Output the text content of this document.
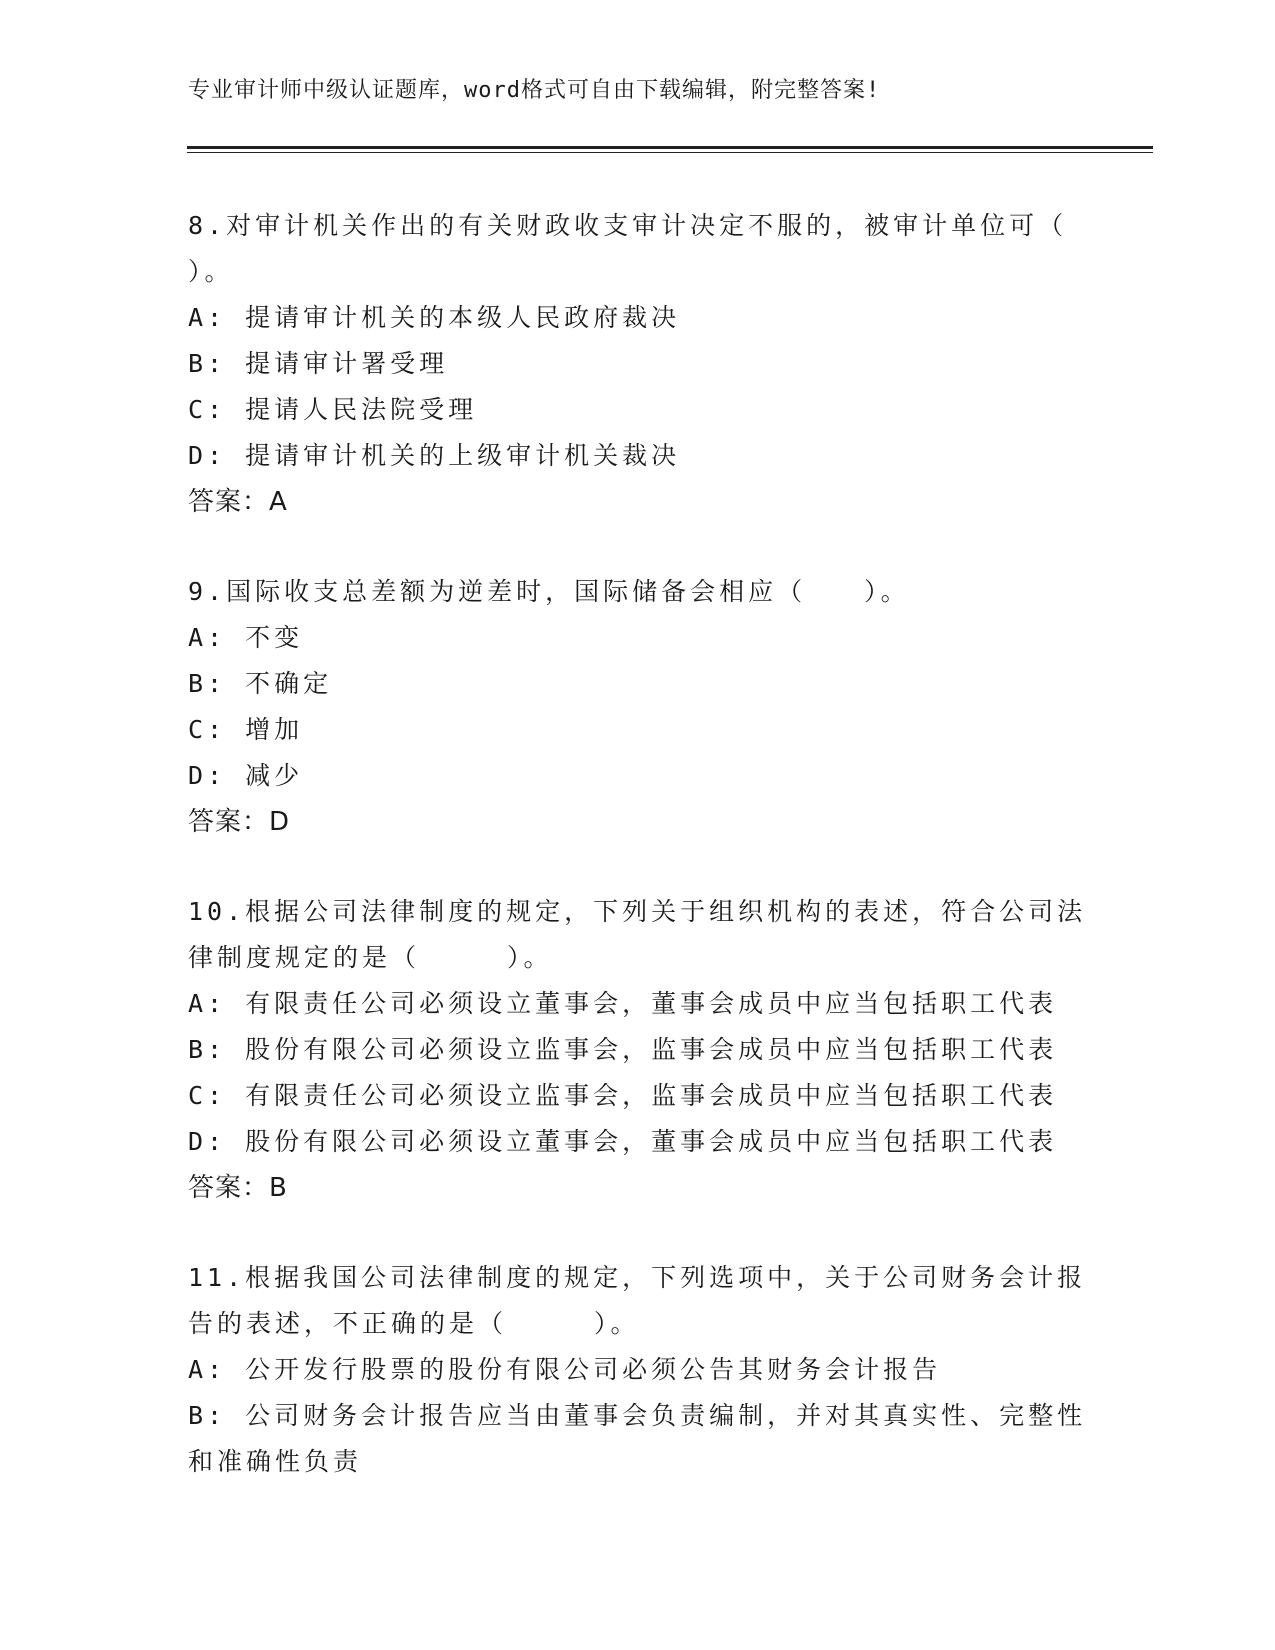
专业审计师中级认证题库，word格式可自由下载编辑，附完整答案!

8.对审计机关作出的有关财政收支审计决定不服的，被审计单位可（ ）。

A: 提请审计机关的本级人民政府裁决

B: 提请审计署受理

C: 提请人民法院受理

D: 提请审计机关的上级审计机关裁决

答案：A

9.国际收支总差额为逆差时，国际储备会相应（　　）。

A: 不变

B: 不确定

C: 增加

D: 减少

答案：D

10.根据公司法律制度的规定，下列关于组织机构的表述，符合公司法律制度规定的是（　　　）。

A: 有限责任公司必须设立董事会，董事会成员中应当包括职工代表

B: 股份有限公司必须设立监事会，监事会成员中应当包括职工代表

C: 有限责任公司必须设立监事会，监事会成员中应当包括职工代表

D: 股份有限公司必须设立董事会，董事会成员中应当包括职工代表

答案：B

11.根据我国公司法律制度的规定，下列选项中，关于公司财务会计报告的表述，不正确的是（　　　）。

A: 公开发行股票的股份有限公司必须公告其财务会计报告

B: 公司财务会计报告应当由董事会负责编制，并对其真实性、完整性和准确性负责
